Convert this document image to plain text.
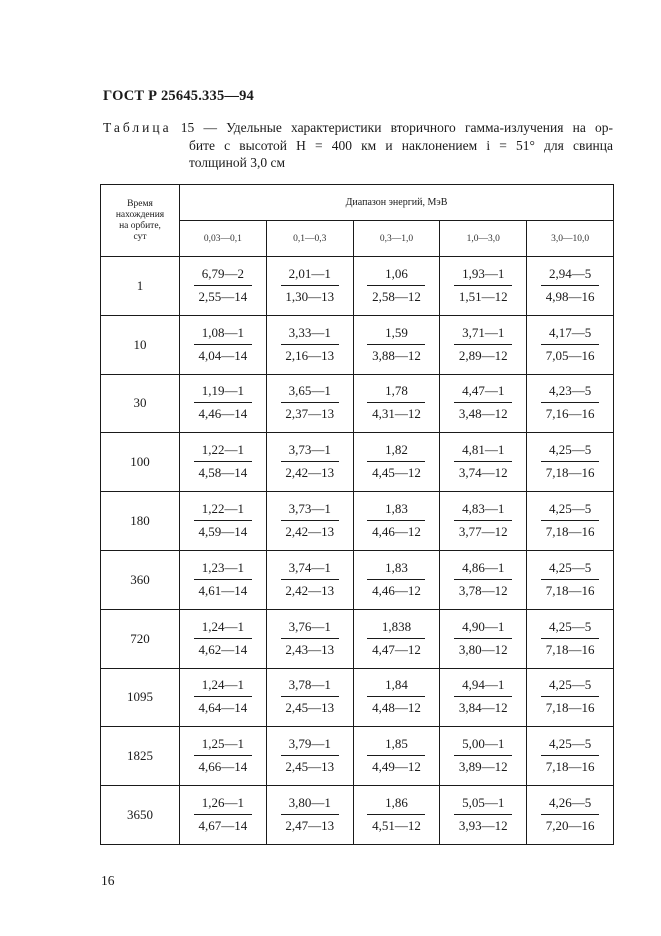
ГОСТ Р 25645.335—94
Таблица 15 — Удельные характеристики вторичного гамма-излучения на ор-
бите с высотой H = 400 км и наклонением i = 51° для свинца
толщиной 3,0 см
Время
нахождения
на орбите,
сут	Диапазон энергий, МэВ				
	0,03—0,1	0,1—0,3	0,3—1,0	1,0—3,0	3,0—10,0
1	$\frac{6,79—2}{2,55—14}$	$\frac{2,01—1}{1,30—13}$	$\frac{1,06}{2,58—12}$	$\frac{1,93—1}{1,51—12}$	$\frac{2,94—5}{4,98—16}$

10	$\frac{1,08—1}{4,04—14}$	$\frac{3,33—1}{2,16—13}$	$\frac{1,59}{3,88—12}$	$\frac{3,71—1}{2,89—12}$	$\frac{4,17—5}{7,05—16}$

30	$\frac{1,19—1}{4,46—14}$	$\frac{3,65—1}{2,37—13}$	$\frac{1,78}{4,31—12}$	$\frac{4,47—1}{3,48—12}$	$\frac{4,23—5}{7,16—16}$

100	$\frac{1,22—1}{4,58—14}$	$\frac{3,73—1}{2,42—13}$	$\frac{1,82}{4,45—12}$	$\frac{4,81—1}{3,74—12}$	$\frac{4,25—5}{7,18—16}$

180	$\frac{1,22—1}{4,59—14}$	$\frac{3,73—1}{2,42—13}$	$\frac{1,83}{4,46—12}$	$\frac{4,83—1}{3,77—12}$	$\frac{4,25—5}{7,18—16}$

360	$\frac{1,23—1}{4,61—14}$	$\frac{3,74—1}{2,42—13}$	$\frac{1,83}{4,46—12}$	$\frac{4,86—1}{3,78—12}$	$\frac{4,25—5}{7,18—16}$

720	$\frac{1,24—1}{4,62—14}$	$\frac{3,76—1}{2,43—13}$	$\frac{1,838}{4,47—12}$	$\frac{4,90—1}{3,80—12}$	$\frac{4,25—5}{7,18—16}$

1095	$\frac{1,24—1}{4,64—14}$	$\frac{3,78—1}{2,45—13}$	$\frac{1,84}{4,48—12}$	$\frac{4,94—1}{3,84—12}$	$\frac{4,25—5}{7,18—16}$

1825	$\frac{1,25—1}{4,66—14}$	$\frac{3,79—1}{2,45—13}$	$\frac{1,85}{4,49—12}$	$\frac{5,00—1}{3,89—12}$	$\frac{4,25—5}{7,18—16}$

3650	$\frac{1,26—1}{4,67—14}$	$\frac{3,80—1}{2,47—13}$	$\frac{1,86}{4,51—12}$	$\frac{5,05—1}{3,93—12}$	$\frac{4,26—5}{7,20—16}$
16
